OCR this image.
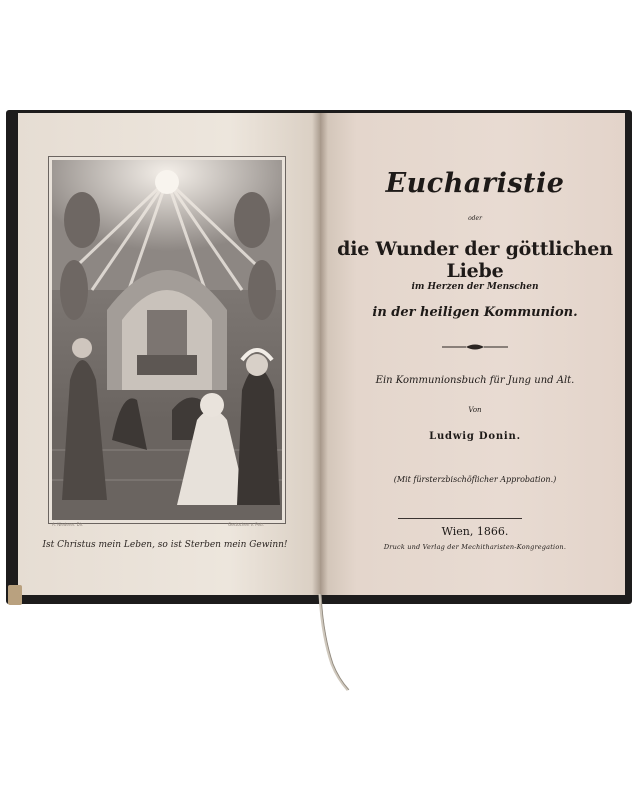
A. Niederer. Dir.	Gestochen v. Petr.
Ist Christus mein Leben, so ist Sterben mein Gewinn!
Eucharistie
oder
die Wunder der göttlichen Liebe
im Herzen der Menschen
in der heiligen Kommunion.
Ein Kommunionsbuch für Jung und Alt.
Von
Ludwig Donin.
(Mit fürsterzbischöflicher Approbation.)
Wien, 1866.
Druck und Verlag der Mechitharisten-Kongregation.
